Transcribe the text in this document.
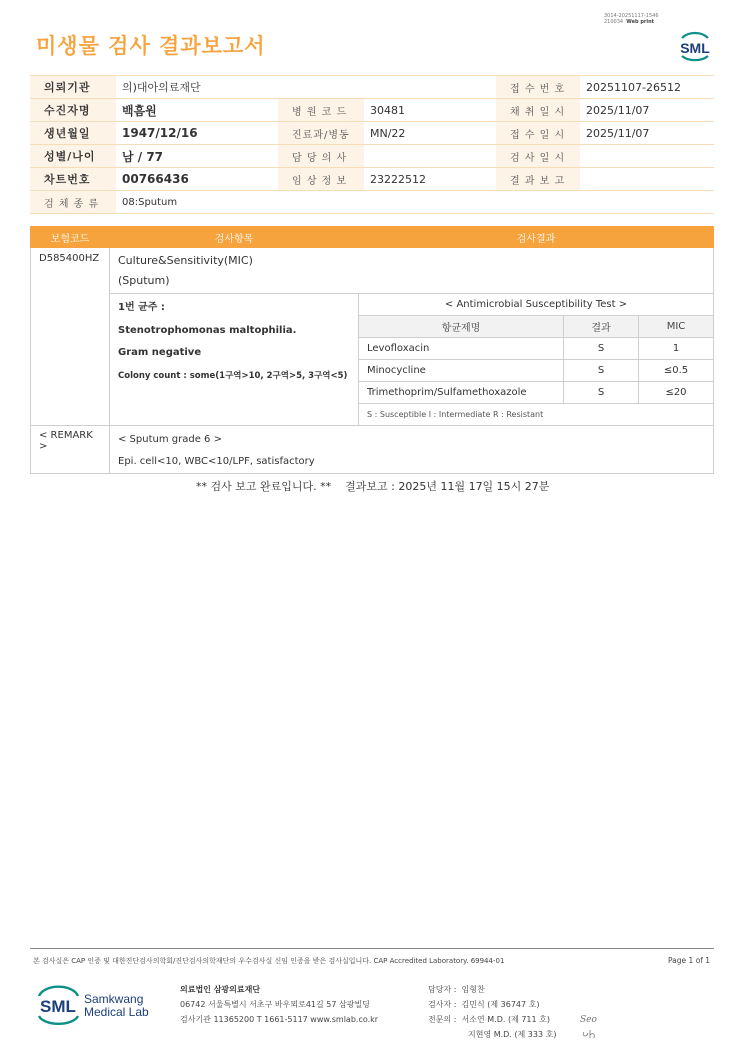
미생물 검사 결과보고서
3014-20251117-1546
210034 Web print
SML
의뢰기관	의)대아의료재단			접 수 번 호	20251107-26512
수진자명	백흠원	병 원 코 드	30481	채 취 일 시	2025/11/07
생년월일	1947/12/16	진료과/병동	MN/22	접 수 일 시	2025/11/07
성별/나이	남 / 77	담 당 의 사		검 사 일 시	
차트번호	00766436	임 상 정 보	23222512	결 과 보 고	
검 체 종 류	08:Sputum				
보험코드	검사항목	검사결과
D585400HZ	Culture&Sensitivity(MIC)
(Sputum)

1번 균주 :
Stenotrophomonas maltophilia.
Gram negative
Colony count : some(1구역>10, 2구역>5, 3구역<5)

< Antimicrobial Susceptibility Test >
항균제명	결과	MIC
Levofloxacin	S	1
Minocycline	S	≤0.5
Trimethoprim/Sulfamethoxazole	S	≤20
S : Susceptible I : Intermediate R : Resistant

< REMARK >	
< Sputum grade 6 >
Epi. cell<10, WBC<10/LPF, satisfactory
** 검사 보고 완료입니다. ** 결과보고 : 2025년 11월 17일 15시 27분
본 검사실은 CAP 인증 및 대한진단검사의학회/진단검사의학재단의 우수검사실 신임 인증을 받은 검사실입니다. CAP Accredited Laboratory. 69944-01	Page 1 of 1
SML Samkwang
Medical Lab
의료법인 삼광의료재단
06742 서울특별시 서초구 바우뫼로41길 57 삼광빌딩
검사기관 11365200 T 1661-5117 www.smlab.co.kr
담당자 : 임형찬
검사자 : 김민식 (제 36747 호)
전문의 : 서소연 M.D. (제 711 호)
지현영 M.D. (제 333 호)
Seo
